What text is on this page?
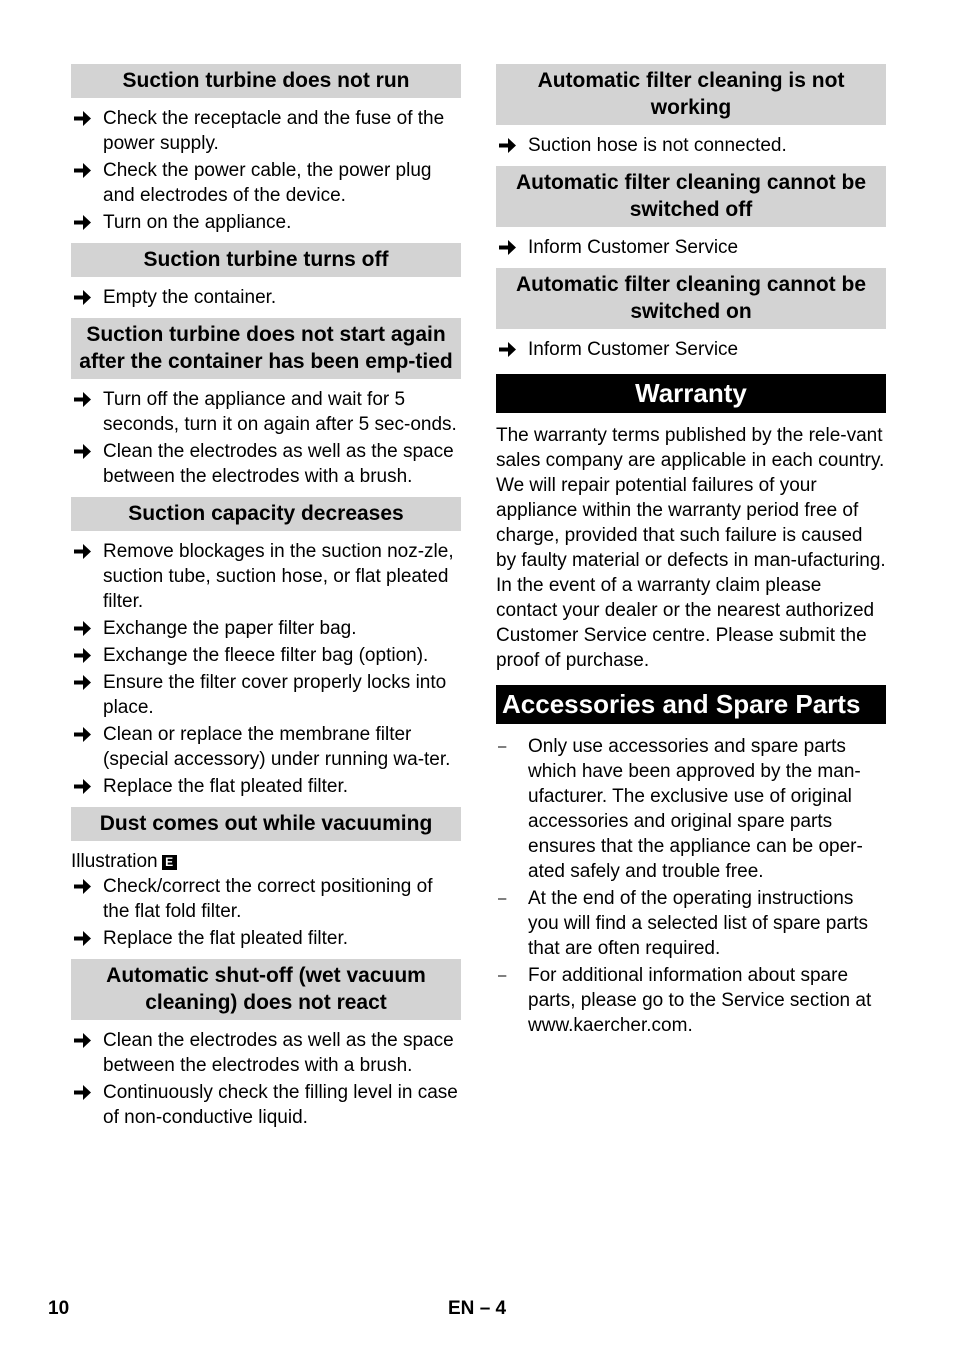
Suction turbine does not run
Check the receptacle and the fuse of the power supply.
Check the power cable, the power plug and electrodes of the device.
Turn on the appliance.
Suction turbine turns off
Empty the container.
Suction turbine does not start again after the container has been emp-tied
Turn off the appliance and wait for 5 seconds, turn it on again after 5 sec-onds.
Clean the electrodes as well as the space between the electrodes with a brush.
Suction capacity decreases
Remove blockages in the suction noz-zle, suction tube, suction hose, or flat pleated filter.
Exchange the paper filter bag.
Exchange the fleece filter bag (option).
Ensure the filter cover properly locks into place.
Clean or replace the membrane filter (special accessory) under running wa-ter.
Replace the flat pleated filter.
Dust comes out while vacuuming
Illustration E
Check/correct the correct positioning of the flat fold filter.
Replace the flat pleated filter.
Automatic shut-off (wet vacuum cleaning) does not react
Clean the electrodes as well as the space between the electrodes with a brush.
Continuously check the filling level in case of non-conductive liquid.
Automatic filter cleaning is not working
Suction hose is not connected.
Automatic filter cleaning cannot be switched off
Inform Customer Service
Automatic filter cleaning cannot be switched on
Inform Customer Service
Warranty
The warranty terms published by the rele-vant sales company are applicable in each country. We will repair potential failures of your appliance within the warranty period free of charge, provided that such failure is caused by faulty material or defects in man-ufacturing. In the event of a warranty claim please contact your dealer or the nearest authorized Customer Service centre. Please submit the proof of purchase.
Accessories and Spare Parts
– Only use accessories and spare parts which have been approved by the man-ufacturer. The exclusive use of original accessories and original spare parts ensures that the appliance can be oper-ated safely and trouble free.
– At the end of the operating instructions you will find a selected list of spare parts that are often required.
– For additional information about spare parts, please go to the Service section at www.kaercher.com.
10	EN – 4
